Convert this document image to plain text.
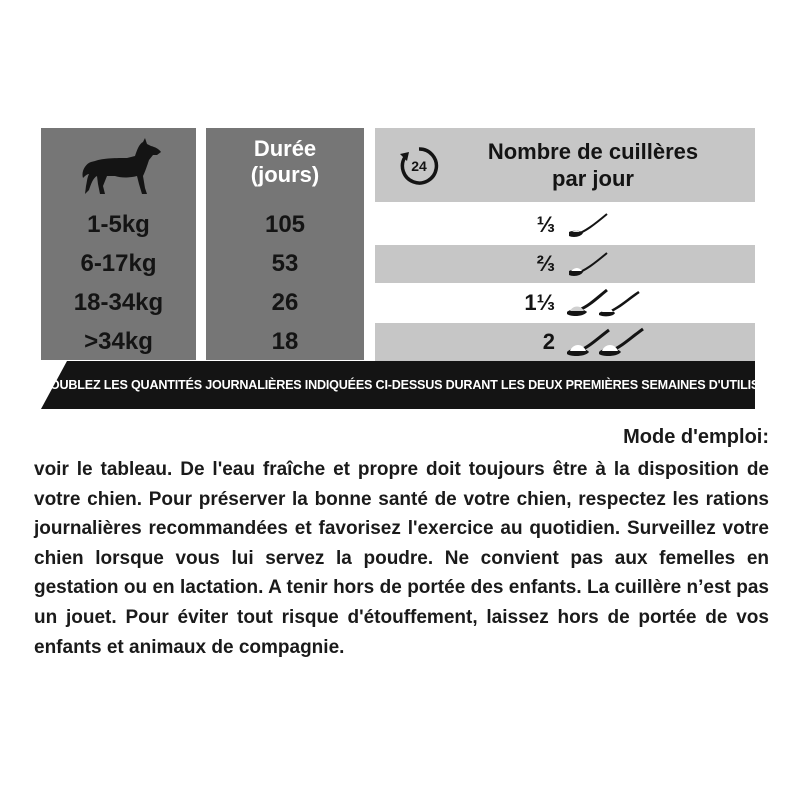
1-5kg
6-17kg
18-34kg
>34kg
Durée
(jours)
105
53
26
18
24
Nombre de cuillères
par jour
⅓
⅔
1⅓
2
DOUBLEZ LES QUANTITÉS JOURNALIÈRES INDIQUÉES CI-DESSUS DURANT LES DEUX PREMIÈRES SEMAINES D'UTILISATION
Mode d'emploi:

voir le tableau. De l'eau fraîche et propre doit toujours être à la disposition de votre chien. Pour préserver la bonne santé de votre chien, respectez les rations journalières recommandées et favorisez l'exercice au quotidien. Surveillez votre chien lorsque vous lui servez la poudre. Ne convient pas aux femelles en gestation ou en lactation. A tenir hors de portée des enfants. La cuillère n’est pas un jouet. Pour éviter tout risque d'étouffement, laissez hors de portée de vos enfants et animaux de compagnie.
